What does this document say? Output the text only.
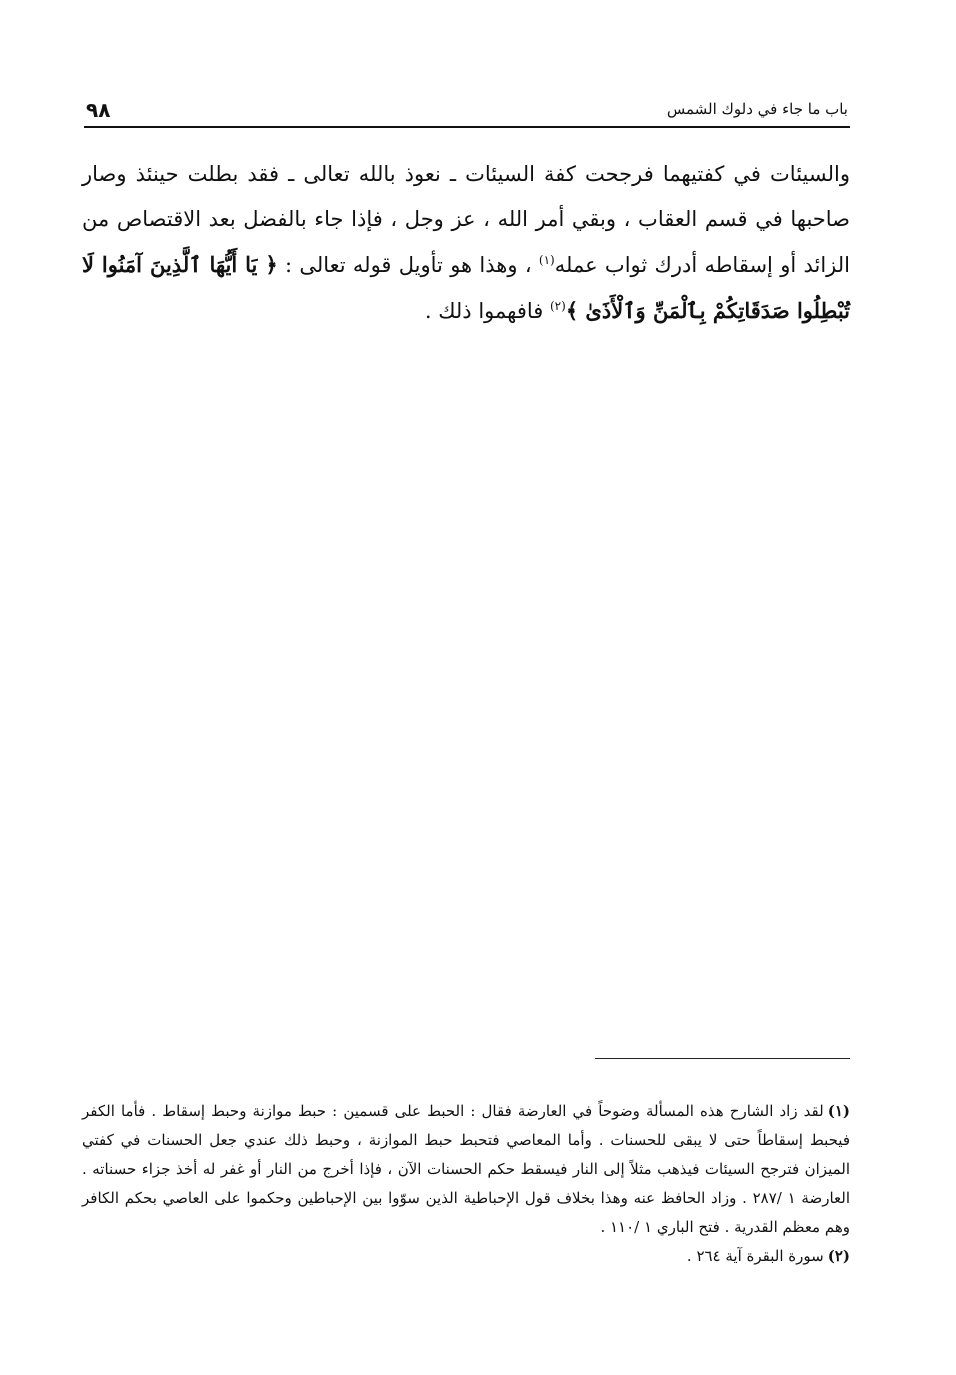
٩٨	باب ما جاء في دلوك الشمس

والسيئات في كفتيهما فرجحت كفة السيئات ـ نعوذ بالله تعالى ـ فقد بطلت حينئذ وصار صاحبها في قسم العقاب ، وبقي أمر الله ، عز وجل ، فإذا جاء بالفضل بعد الاقتصاص من الزائد أو إسقاطه أدرك ثواب عمله$^{(١)}$ ، وهذا هو تأويل قوله تعالى : ﴿ يَا أَيُّهَا ٱلَّذِينَ آمَنُوا لَا تُبْطِلُوا صَدَقَاتِكُمْ بِٱلْمَنِّ وَٱلْأَذَىٰ ﴾$^{(٢)}$ فافهموا ذلك .

(١)لقد زاد الشارح هذه المسألة وضوحاً في العارضة فقال : الحبط على قسمين : حبط موازنة وحبط إسقاط . فأما الكفر فيحبط إسقاطاً حتى لا يبقى للحسنات . وأما المعاصي فتحبط حبط الموازنة ، وحبط ذلك عندي جعل الحسنات في كفتي الميزان فترجح السيئات فيذهب مثلاً إلى النار فيسقط حكم الحسنات الآن ، فإذا أخرج من النار أو غفر له أخذ جزاء حسناته . العارضة ١ /٢٨٧ . وزاد الحافظ عنه وهذا بخلاف قول الإحباطية الذين سوّوا بين الإحباطين وحكموا على العاصي بحكم الكافر وهم معظم القدرية . فتح الباري ١ /١١٠ .

(٢)سورة البقرة آية ٢٦٤ .
